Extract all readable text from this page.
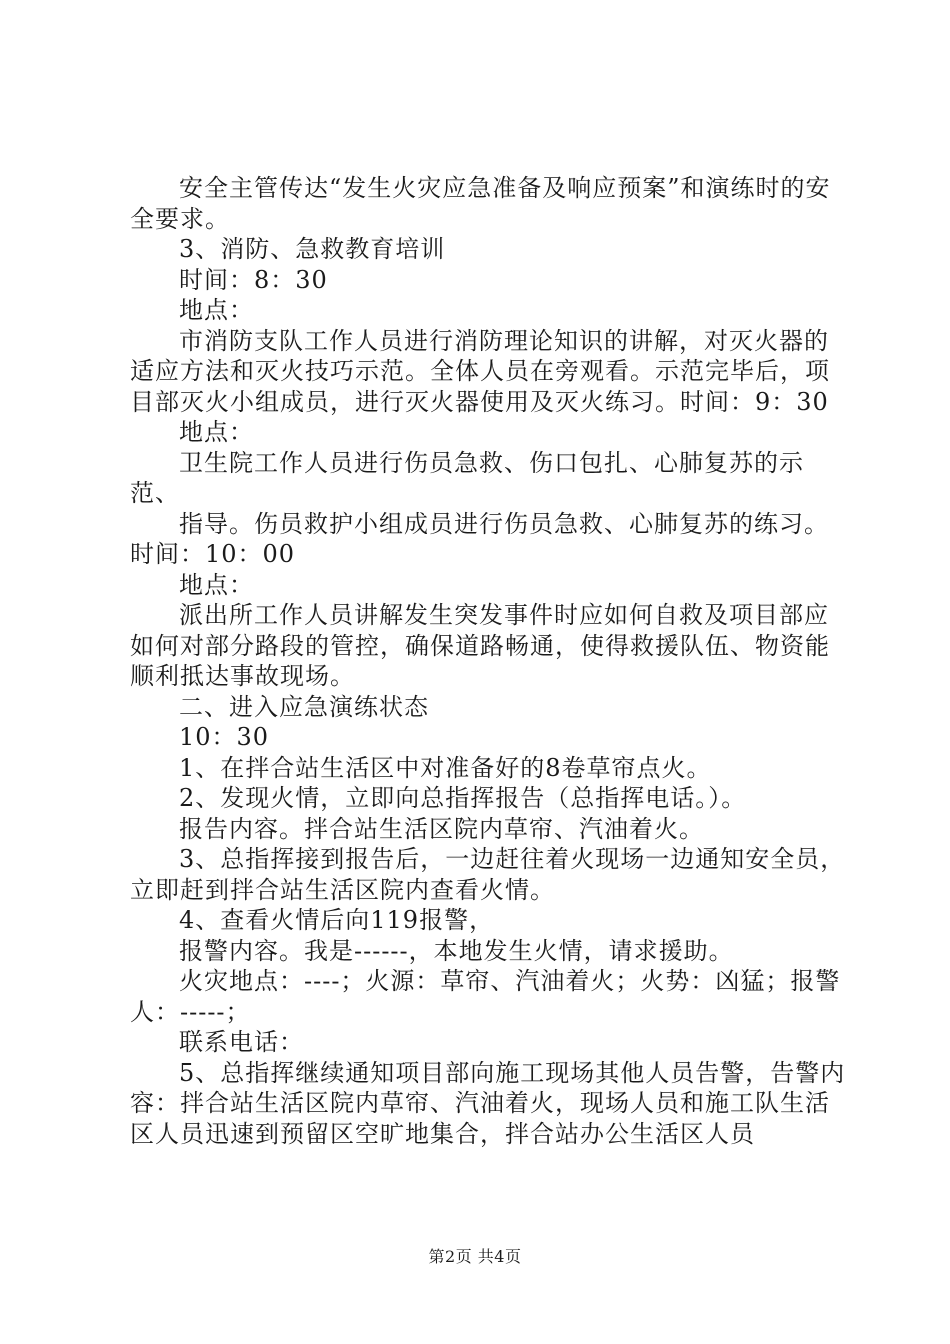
安全主管传达“发生火灾应急准备及响应预案”和演练时的安全要求。

3、消防、急救教育培训

时间：8：30

地点：

市消防支队工作人员进行消防理论知识的讲解，对灭火器的适应方法和灭火技巧示范。全体人员在旁观看。示范完毕后，项目部灭火小组成员，进行灭火器使用及灭火练习。时间：9：30

地点：

卫生院工作人员进行伤员急救、伤口包扎、心肺复苏的示范、

指导。伤员救护小组成员进行伤员急救、心肺复苏的练习。时间：10：00

地点：

派出所工作人员讲解发生突发事件时应如何自救及项目部应如何对部分路段的管控，确保道路畅通，使得救援队伍、物资能顺利抵达事故现场。

二、进入应急演练状态

10：30

1、在拌合站生活区中对准备好的8卷草帘点火。

2、发现火情，立即向总指挥报告（总指挥电话。）。

报告内容。拌合站生活区院内草帘、汽油着火。

3、总指挥接到报告后，一边赶往着火现场一边通知安全员，立即赶到拌合站生活区院内查看火情。

4、查看火情后向119报警，

报警内容。我是------，本地发生火情，请求援助。

火灾地点：----；火源：草帘、汽油着火；火势：凶猛；报警人：-----；

联系电话：

5、总指挥继续通知项目部向施工现场其他人员告警，告警内容：拌合站生活区院内草帘、汽油着火，现场人员和施工队生活区人员迅速到预留区空旷地集合，拌合站办公生活区人员

第2页 共4页
